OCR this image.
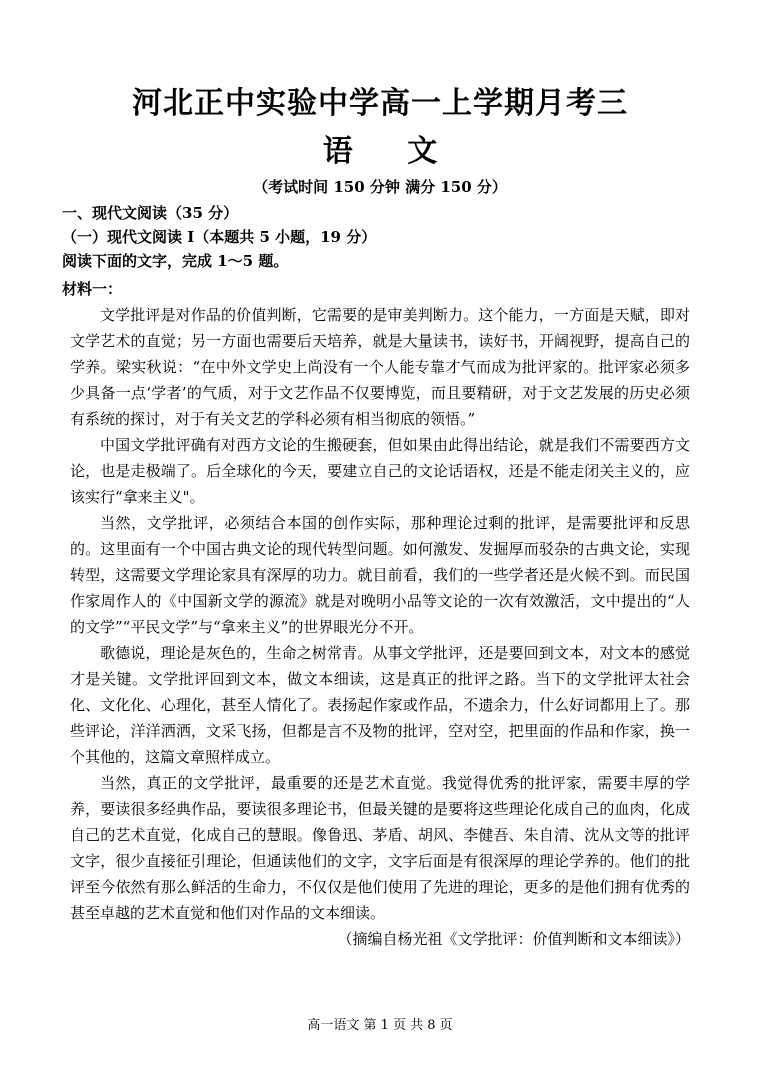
河北正中实验中学高一上学期月考三
语 文
（考试时间 150 分钟 满分 150 分）
一、现代文阅读（35 分）
（一）现代文阅读 I（本题共 5 小题，19 分）
阅读下面的文字，完成 1～5 题。

材料一：

文学批评是对作品的价值判断，它需要的是审美判断力。这个能力，一方面是天赋，即对文学艺术的直觉；另一方面也需要后天培养，就是大量读书，读好书，开阔视野，提高自己的学养。梁实秋说：“在中外文学史上尚没有一个人能专靠才气而成为批评家的。批评家必须多少具备一点‘学者’的气质，对于文艺作品不仅要博览，而且要精研，对于文艺发展的历史必须有系统的探讨，对于有关文艺的学科必须有相当彻底的领悟。”

中国文学批评确有对西方文论的生搬硬套，但如果由此得出结论，就是我们不需要西方文论，也是走极端了。后全球化的今天，要建立自己的文论话语权，还是不能走闭关主义的，应该实行“拿来主义"。

当然，文学批评，必须结合本国的创作实际，那种理论过剩的批评，是需要批评和反思的。这里面有一个中国古典文论的现代转型问题。如何激发、发掘厚而驳杂的古典文论，实现转型，这需要文学理论家具有深厚的功力。就目前看，我们的一些学者还是火候不到。而民国作家周作人的《中国新文学的源流》就是对晚明小品等文论的一次有效激活，文中提出的“人的文学”“平民文学”与“拿来主义”的世界眼光分不开。

歌德说，理论是灰色的，生命之树常青。从事文学批评，还是要回到文本，对文本的感觉才是关键。文学批评回到文本，做文本细读，这是真正的批评之路。当下的文学批评太社会化、文化化、心理化，甚至人情化了。表扬起作家或作品，不遗余力，什么好词都用上了。那些评论，洋洋洒洒，文采飞扬，但都是言不及物的批评，空对空，把里面的作品和作家，换一个其他的，这篇文章照样成立。

当然，真正的文学批评，最重要的还是艺术直觉。我觉得优秀的批评家，需要丰厚的学养，要读很多经典作品，要读很多理论书，但最关键的是要将这些理论化成自己的血肉，化成自己的艺术直觉，化成自己的慧眼。像鲁迅、茅盾、胡风、李健吾、朱自清、沈从文等的批评文字，很少直接征引理论，但通读他们的文字，文字后面是有很深厚的理论学养的。他们的批评至今依然有那么鲜活的生命力，不仅仅是他们使用了先进的理论，更多的是他们拥有优秀的甚至卓越的艺术直觉和他们对作品的文本细读。

（摘编自杨光祖《文学批评：价值判断和文本细读》）

高一语文 第 1 页 共 8 页
